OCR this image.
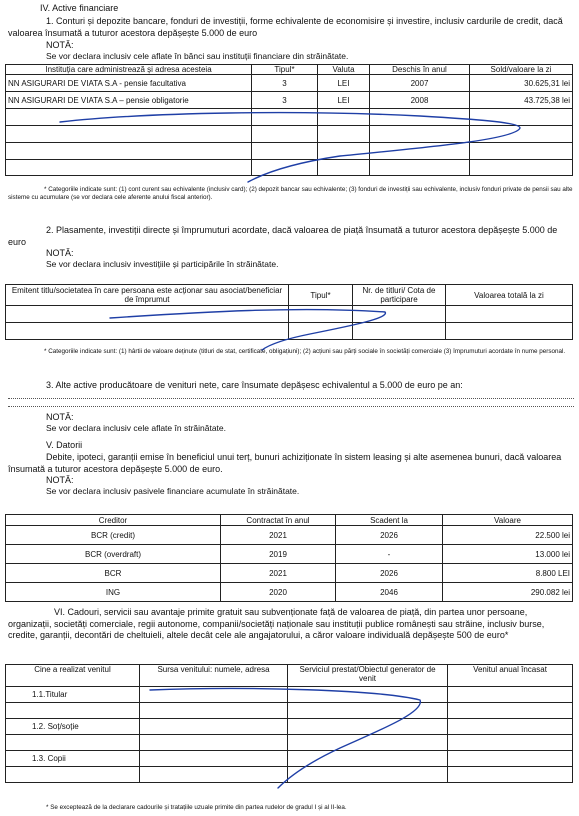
IV. Active financiare
1. Conturi și depozite bancare, fonduri de investiții, forme echivalente de economisire și investire, inclusiv cardurile de credit, dacă valoarea însumată a tuturor acestora depășește 5.000 de euro
NOTĂ:
Se vor declara inclusiv cele aflate în bănci sau instituții financiare din străinătate.
Instituția care administrează și adresa acesteia	Tipul*	Valuta	Deschis în anul	Sold/valoare la zi
NN ASIGURARI DE VIATA S.A - pensie facultativa	3	LEI	2007	30.625,31 lei
NN ASIGURARI DE VIATA S.A – pensie obligatorie	3	LEI	2008	43.725,38 lei

* Categoriile indicate sunt: (1) cont curent sau echivalente (inclusiv card); (2) depozit bancar sau echivalente; (3) fonduri de investiții sau echivalente, inclusiv fonduri private de pensii sau alte sisteme cu acumulare (se vor declara cele aferente anului fiscal anterior).
2. Plasamente, investiții directe și împrumuturi acordate, dacă valoarea de piață însumată a tuturor acestora depășește 5.000 de euro
NOTĂ:
Se vor declara inclusiv investițiile și participările în străinătate.
Emitent titlu/societatea în care persoana este acționar sau asociat/beneficiar de împrumut	Tipul*	Nr. de titluri/ Cota de participare	Valoarea totală la zi

* Categoriile indicate sunt: (1) hârtii de valoare deținute (titluri de stat, certificate, obligațiuni); (2) acțiuni sau părți sociale în societăți comerciale (3) împrumuturi acordate în nume personal.
3. Alte active producătoare de venituri nete, care însumate depășesc echivalentul a 5.000 de euro pe an:
NOTĂ:
Se vor declara inclusiv cele aflate în străinătate.
V. Datorii
Debite, ipoteci, garanții emise în beneficiul unui terț, bunuri achiziționate în sistem leasing și alte asemenea bunuri, dacă valoarea însumată a tuturor acestora depășește 5.000 de euro.
NOTĂ:
Se vor declara inclusiv pasivele financiare acumulate în străinătate.
Creditor	Contractat în anul	Scadent la	Valoare
BCR (credit)	2021	2026	22.500 lei
BCR (overdraft)	2019	-	13.000 lei
BCR	2021	2026	8.800 LEI
ING	2020	2046	290.082 lei
VI. Cadouri, servicii sau avantaje primite gratuit sau subvenționate față de valoarea de piață, din partea unor persoane, organizații, societăți comerciale, regii autonome, companii/societăți naționale sau instituții publice românești sau străine, inclusiv burse, credite, garanții, decontări de cheltuieli, altele decât cele ale angajatorului, a căror valoare individuală depășește 500 de euro*
Cine a realizat venitul	Sursa venitului: numele, adresa	Serviciul prestat/Obiectul generator de venit	Venitul anual încasat
1.1.Titular			

1.2. Soț/soție			

1.3. Copii			

* Se exceptează de la declarare cadourile și tratațiile uzuale primite din partea rudelor de gradul I și al II-lea.
